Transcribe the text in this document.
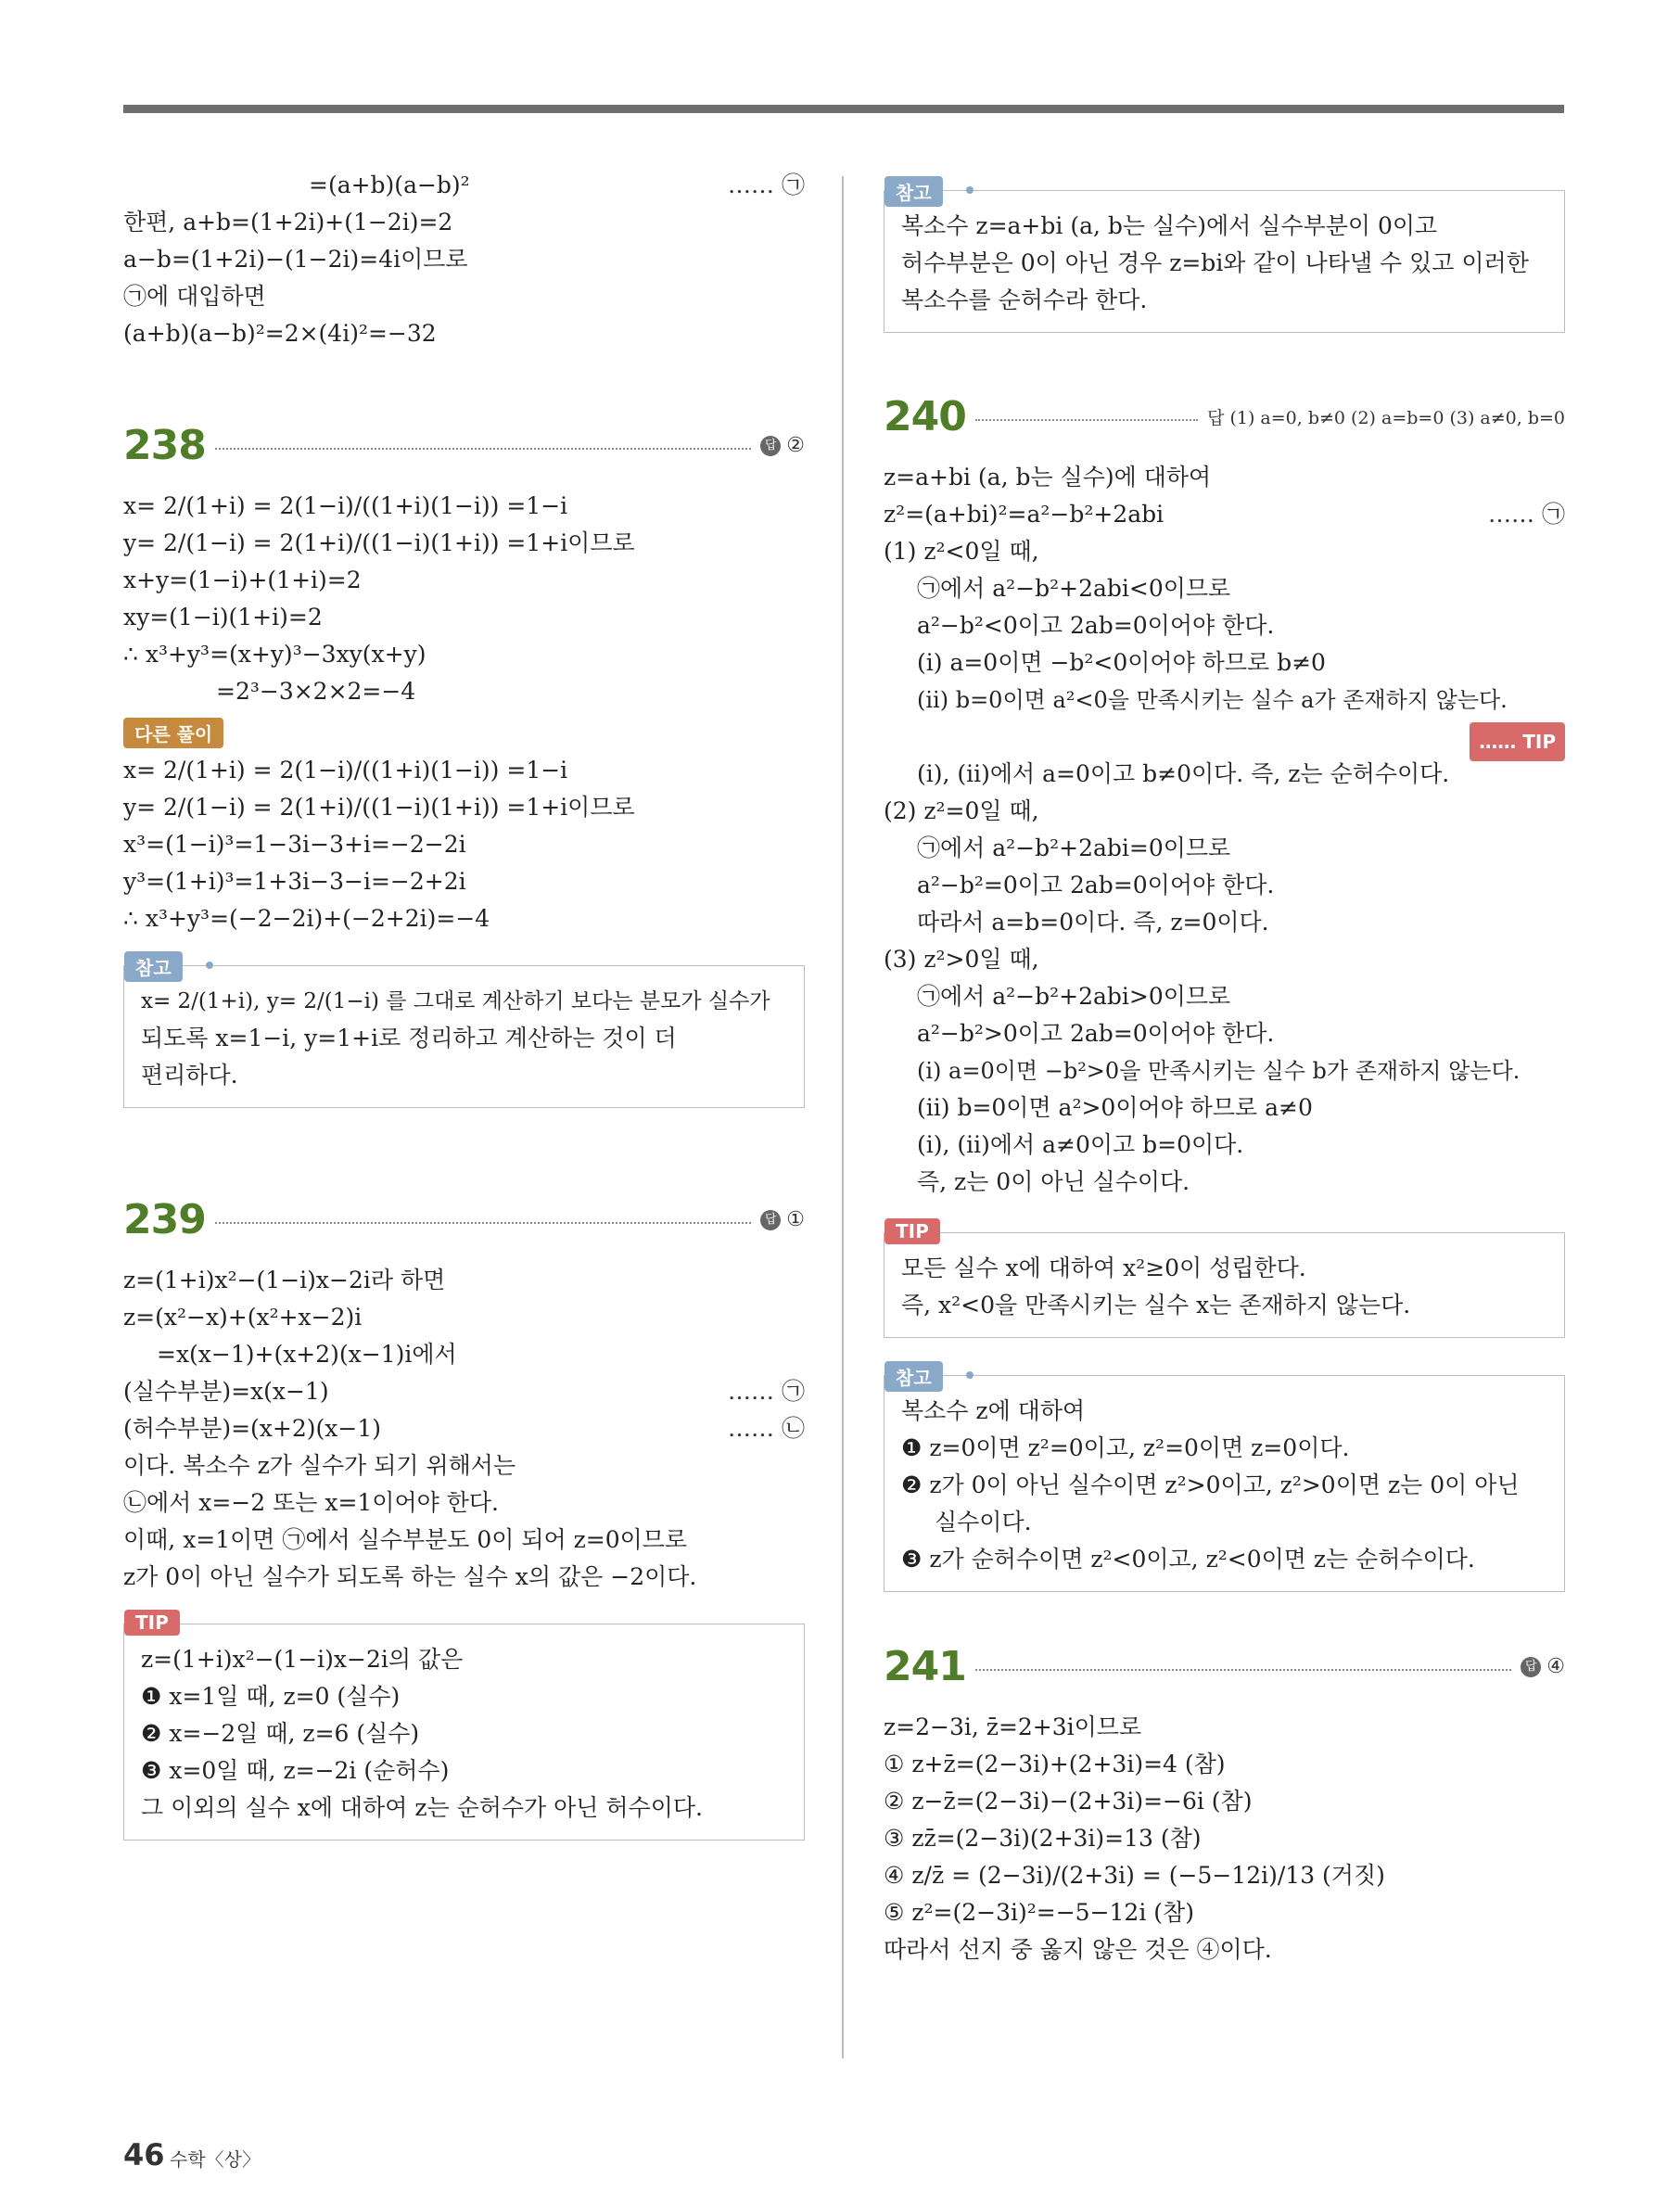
=(a+b)(a−b)²	…… ㉠
한편, a+b=(1+2i)+(1−2i)=2
a−b=(1+2i)−(1−2i)=4i이므로
㉠에 대입하면
(a+b)(a−b)²=2×(4i)²=−32
238	답 ②
x= 2/(1+i) = 2(1−i)/((1+i)(1−i)) =1−i
y= 2/(1−i) = 2(1+i)/((1−i)(1+i)) =1+i이므로
x+y=(1−i)+(1+i)=2
xy=(1−i)(1+i)=2
∴ x³+y³=(x+y)³−3xy(x+y)
=2³−3×2×2=−4
다른 풀이
x= 2/(1+i) = 2(1−i)/((1+i)(1−i)) =1−i
y= 2/(1−i) = 2(1+i)/((1−i)(1+i)) =1+i이므로
x³=(1−i)³=1−3i−3+i=−2−2i
y³=(1+i)³=1+3i−3−i=−2+2i
∴ x³+y³=(−2−2i)+(−2+2i)=−4
참고
x= 2/(1+i), y= 2/(1−i) 를 그대로 계산하기 보다는 분모가 실수가
되도록 x=1−i, y=1+i로 정리하고 계산하는 것이 더
편리하다.
239	답 ①
z=(1+i)x²−(1−i)x−2i라 하면
z=(x²−x)+(x²+x−2)i
=x(x−1)+(x+2)(x−1)i에서
(실수부분)=x(x−1)	…… ㉠
(허수부분)=(x+2)(x−1)	…… ㉡
이다. 복소수 z가 실수가 되기 위해서는
㉡에서 x=−2 또는 x=1이어야 한다.
이때, x=1이면 ㉠에서 실수부분도 0이 되어 z=0이므로
z가 0이 아닌 실수가 되도록 하는 실수 x의 값은 −2이다.
TIP
z=(1+i)x²−(1−i)x−2i의 값은
❶ x=1일 때, z=0 (실수)
❷ x=−2일 때, z=6 (실수)
❸ x=0일 때, z=−2i (순허수)
그 이외의 실수 x에 대하여 z는 순허수가 아닌 허수이다.
참고
복소수 z=a+bi (a, b는 실수)에서 실수부분이 0이고
허수부분은 0이 아닌 경우 z=bi와 같이 나타낼 수 있고 이러한
복소수를 순허수라 한다.
240	답 (1) a=0, b≠0 (2) a=b=0 (3) a≠0, b=0
z=a+bi (a, b는 실수)에 대하여
z²=(a+bi)²=a²−b²+2abi	…… ㉠
(1) z²<0일 때,
㉠에서 a²−b²+2abi<0이므로
a²−b²<0이고 2ab=0이어야 한다.
(ⅰ) a=0이면 −b²<0이어야 하므로 b≠0
(ⅱ) b=0이면 a²<0을 만족시키는 실수 a가 존재하지 않는다.
…… TIP
(ⅰ), (ⅱ)에서 a=0이고 b≠0이다. 즉, z는 순허수이다.
(2) z²=0일 때,
㉠에서 a²−b²+2abi=0이므로
a²−b²=0이고 2ab=0이어야 한다.
따라서 a=b=0이다. 즉, z=0이다.
(3) z²>0일 때,
㉠에서 a²−b²+2abi>0이므로
a²−b²>0이고 2ab=0이어야 한다.
(ⅰ) a=0이면 −b²>0을 만족시키는 실수 b가 존재하지 않는다.
(ⅱ) b=0이면 a²>0이어야 하므로 a≠0
(ⅰ), (ⅱ)에서 a≠0이고 b=0이다.
즉, z는 0이 아닌 실수이다.
TIP
모든 실수 x에 대하여 x²≥0이 성립한다.
즉, x²<0을 만족시키는 실수 x는 존재하지 않는다.
참고
복소수 z에 대하여
❶ z=0이면 z²=0이고, z²=0이면 z=0이다.
❷ z가 0이 아닌 실수이면 z²>0이고, z²>0이면 z는 0이 아닌
실수이다.
❸ z가 순허수이면 z²<0이고, z²<0이면 z는 순허수이다.
241	답 ④
z=2−3i, z̄=2+3i이므로
① z+z̄=(2−3i)+(2+3i)=4 (참)
② z−z̄=(2−3i)−(2+3i)=−6i (참)
③ zz̄=(2−3i)(2+3i)=13 (참)
④ z/z̄ = (2−3i)/(2+3i) = (−5−12i)/13 (거짓)
⑤ z²=(2−3i)²=−5−12i (참)
따라서 선지 중 옳지 않은 것은 ④이다.
46 수학〈상〉
